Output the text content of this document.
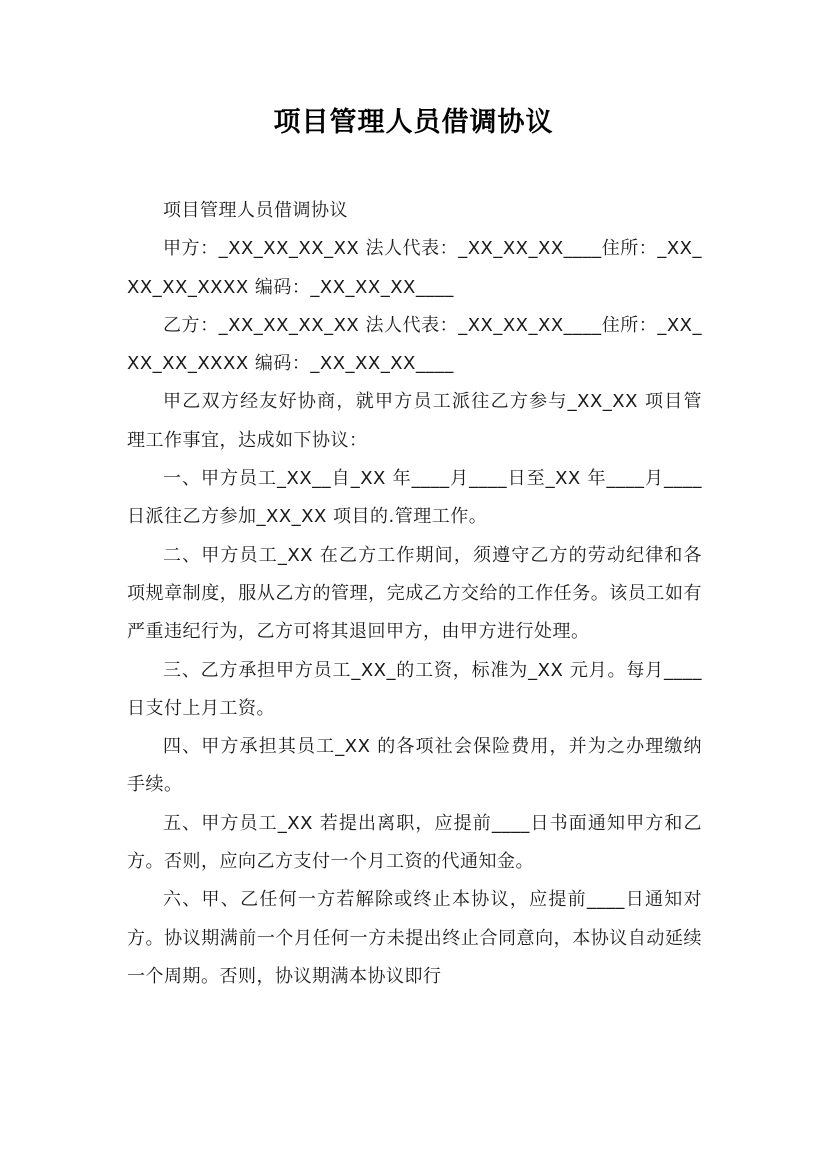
项目管理人员借调协议

项目管理人员借调协议

甲方：_XX_XX_XX_XX 法人代表：_XX_XX_XX____住所：_XX_XX_XX_XXXX 编码：_XX_XX_XX____

乙方：_XX_XX_XX_XX 法人代表：_XX_XX_XX____住所：_XX_XX_XX_XXXX 编码：_XX_XX_XX____

甲乙双方经友好协商，就甲方员工派往乙方参与_XX_XX 项目管理工作事宜，达成如下协议：

一、甲方员工_XX__自_XX 年____月____日至_XX 年____月____日派往乙方参加_XX_XX 项目的.管理工作。

二、甲方员工_XX 在乙方工作期间，须遵守乙方的劳动纪律和各项规章制度，服从乙方的管理，完成乙方交给的工作任务。该员工如有严重违纪行为，乙方可将其退回甲方，由甲方进行处理。

三、乙方承担甲方员工_XX_的工资，标准为_XX 元月。每月____日支付上月工资。

四、甲方承担其员工_XX 的各项社会保险费用，并为之办理缴纳手续。

五、甲方员工_XX 若提出离职，应提前____日书面通知甲方和乙方。否则，应向乙方支付一个月工资的代通知金。

六、甲、乙任何一方若解除或终止本协议，应提前____日通知对方。协议期满前一个月任何一方未提出终止合同意向，本协议自动延续一个周期。否则，协议期满本协议即行
